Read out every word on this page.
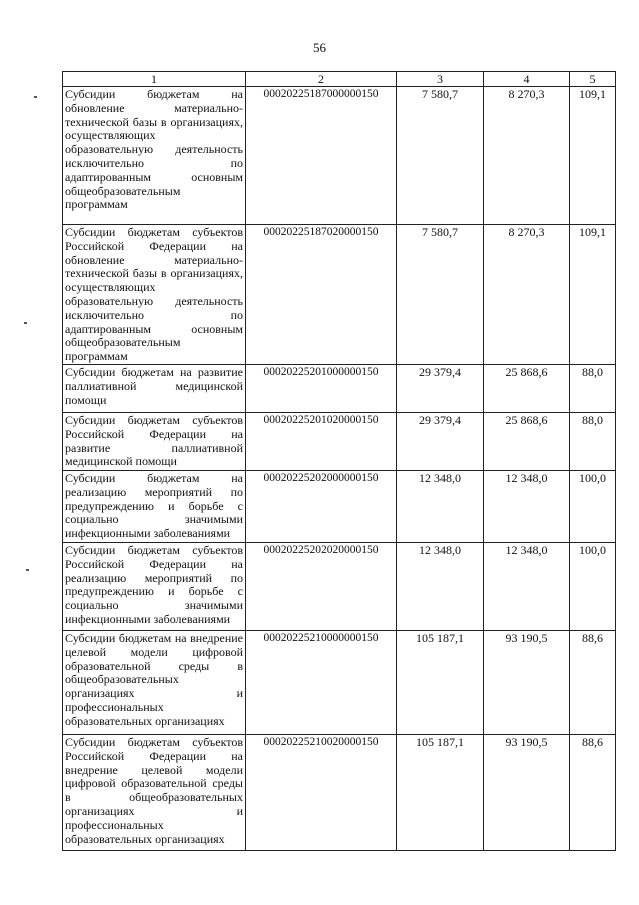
56
1	2	3	4	5
Субсидии бюджетам на обновление материально-технической базы в организациях, осуществляющих образовательную деятельность исключительно по адаптированным основным общеобразовательным программам	00020225187000000150	7 580,7	8 270,3	109,1
Субсидии бюджетам субъектов Российской Федерации на обновление материально-технической базы в организациях, осуществляющих образовательную деятельность исключительно по адаптированным основным общеобразовательным программам	00020225187020000150	7 580,7	8 270,3	109,1
Субсидии бюджетам на развитие паллиативной медицинской помощи	00020225201000000150	29 379,4	25 868,6	88,0
Субсидии бюджетам субъектов Российской Федерации на развитие паллиативной медицинской помощи	00020225201020000150	29 379,4	25 868,6	88,0
Субсидии бюджетам на реализацию мероприятий по предупреждению и борьбе с социально значимыми инфекционными заболеваниями	00020225202000000150	12 348,0	12 348,0	100,0
Субсидии бюджетам субъектов Российской Федерации на реализацию мероприятий по предупреждению и борьбе с социально значимыми инфекционными заболеваниями	00020225202020000150	12 348,0	12 348,0	100,0
Субсидии бюджетам на внедрение целевой модели цифровой образовательной среды в общеобразовательных организациях и профессиональных образовательных организациях	00020225210000000150	105 187,1	93 190,5	88,6
Субсидии бюджетам субъектов Российской Федерации на внедрение целевой модели цифровой образовательной среды в общеобразовательных организациях и профессиональных образовательных организациях	00020225210020000150	105 187,1	93 190,5	88,6
